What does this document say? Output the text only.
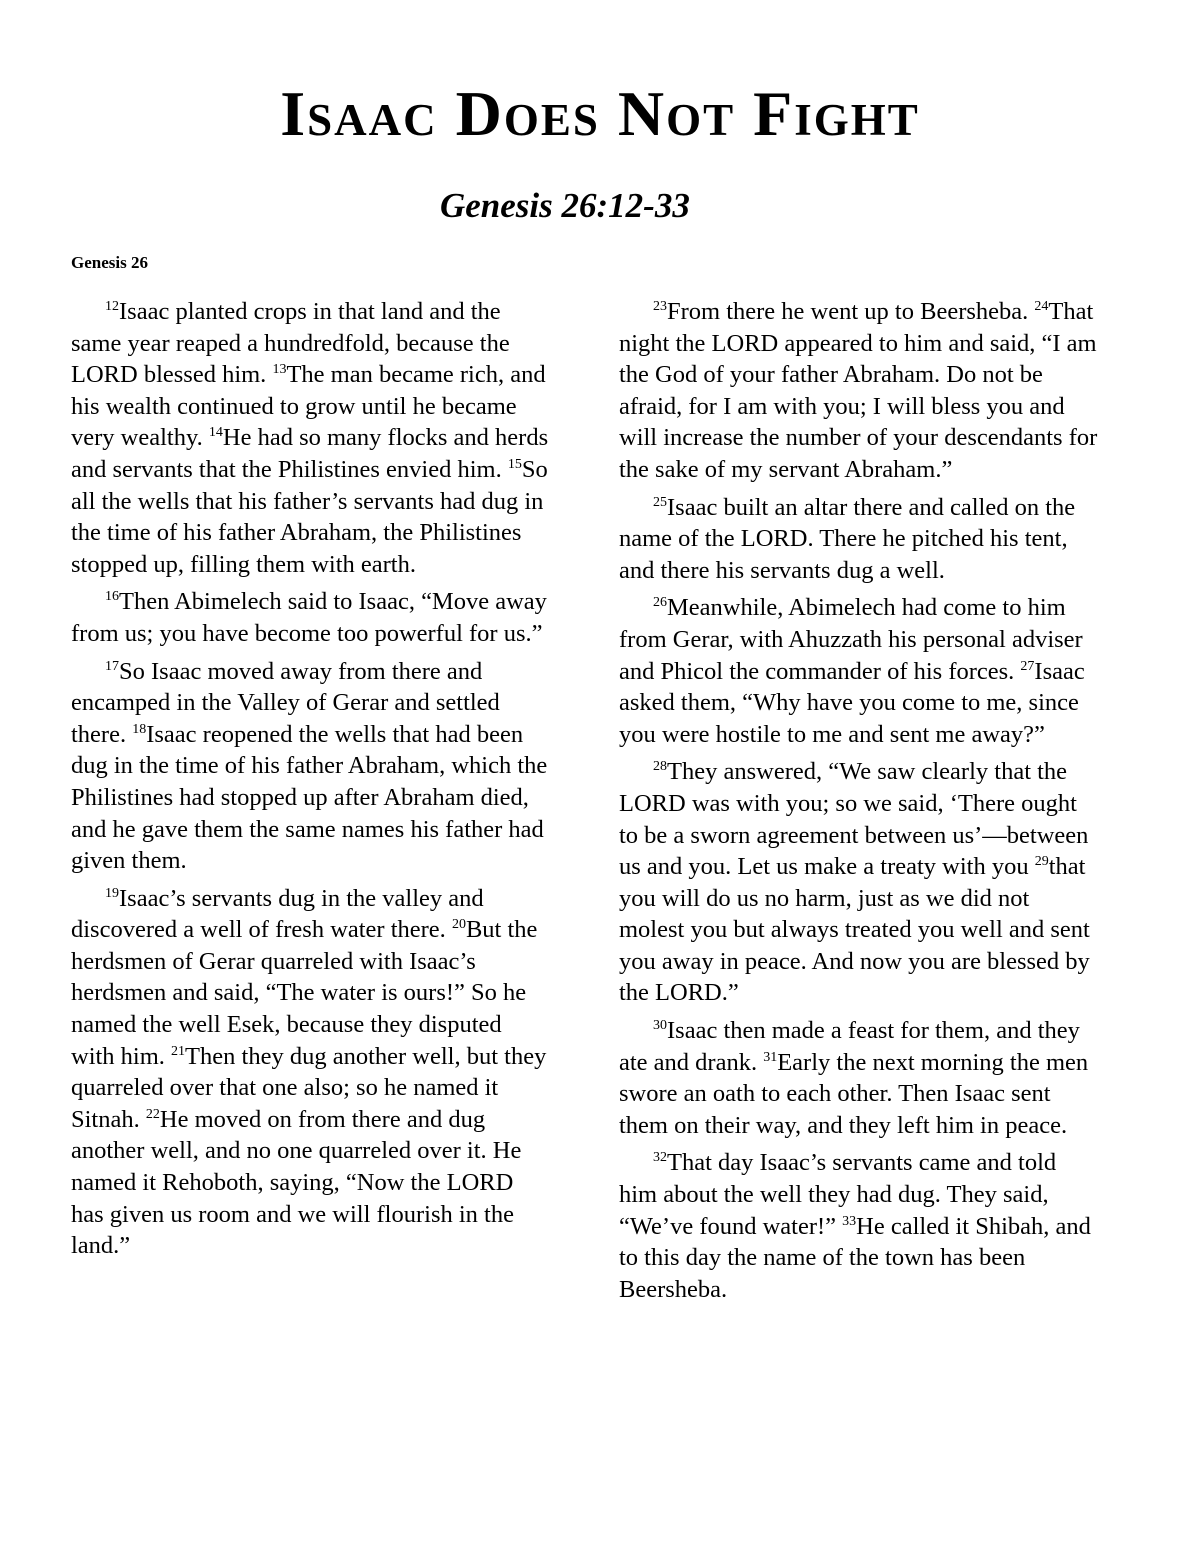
Isaac Does Not Fight
Genesis 26:12-33
Genesis 26

$^{12}$Isaac planted crops in that land and the same year reaped a hundredfold, because the LORD blessed him. $^{13}$The man became rich, and his wealth continued to grow until he became very wealthy. $^{14}$He had so many flocks and herds and servants that the Philistines envied him. $^{15}$So all the wells that his father’s servants had dug in the time of his father Abraham, the Philistines stopped up, filling them with earth.

$^{16}$Then Abimelech said to Isaac, “Move away from us; you have become too powerful for us.”

$^{17}$So Isaac moved away from there and encamped in the Valley of Gerar and settled there. $^{18}$Isaac reopened the wells that had been dug in the time of his father Abraham, which the Philistines had stopped up after Abraham died, and he gave them the same names his father had given them.

$^{19}$Isaac’s servants dug in the valley and discovered a well of fresh water there. $^{20}$But the herdsmen of Gerar quarreled with Isaac’s herdsmen and said, “The water is ours!” So he named the well Esek, because they disputed with him. $^{21}$Then they dug another well, but they quarreled over that one also; so he named it Sitnah. $^{22}$He moved on from there and dug another well, and no one quarreled over it. He named it Rehoboth, saying, “Now the LORD has given us room and we will flourish in the land.”

$^{23}$From there he went up to Beersheba. $^{24}$That night the LORD appeared to him and said, “I am the God of your father Abraham. Do not be afraid, for I am with you; I will bless you and will increase the number of your descendants for the sake of my servant Abraham.”

$^{25}$Isaac built an altar there and called on the name of the LORD. There he pitched his tent, and there his servants dug a well.

$^{26}$Meanwhile, Abimelech had come to him from Gerar, with Ahuzzath his personal adviser and Phicol the commander of his forces. $^{27}$Isaac asked them, “Why have you come to me, since you were hostile to me and sent me away?”

$^{28}$They answered, “We saw clearly that the LORD was with you; so we said, ‘There ought to be a sworn agreement between us’—between us and you. Let us make a treaty with you $^{29}$that you will do us no harm, just as we did not molest you but always treated you well and sent you away in peace. And now you are blessed by the LORD.”

$^{30}$Isaac then made a feast for them, and they ate and drank. $^{31}$Early the next morning the men swore an oath to each other. Then Isaac sent them on their way, and they left him in peace.

$^{32}$That day Isaac’s servants came and told him about the well they had dug. They said, “We’ve found water!” $^{33}$He called it Shibah, and to this day the name of the town has been Beersheba.
